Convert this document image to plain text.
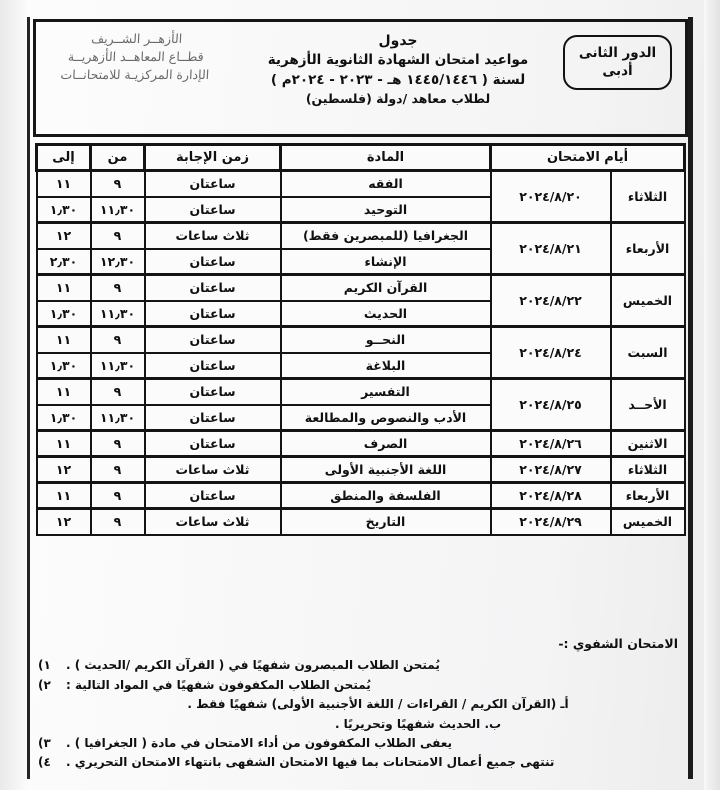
الأزهــر الشــريف
قطــاع المعاهــد الأزهريــة
الإدارة المركزيـة للامتحانــات
جدول
مواعيد امتحان الشهادة الثانوية الأزهرية
لسنة ( ١٤٤٥/١٤٤٦ هـ - ٢٠٢٣ - ٢٠٢٤م )
لطلاب معاهد /دولة (فلسطين)
الدور الثانى
أدبى
أيام الامتحان		المادة	زمن الإجابة	من	إلى
الثلاثاء	٢٠٢٤/٨/٢٠	الفقه	ساعتان	٩	١١
		التوحيد	ساعتان	١١٫٣٠	١٫٣٠
الأربعاء	٢٠٢٤/٨/٢١	الجغرافيا (للمبصرين فقط)	ثلاث ساعات	٩	١٢
		الإنشاء	ساعتان	١٢٫٣٠	٢٫٣٠
الخميس	٢٠٢٤/٨/٢٢	القرآن الكريم	ساعتان	٩	١١
		الحديث	ساعتان	١١٫٣٠	١٫٣٠
السبت	٢٠٢٤/٨/٢٤	النحــو	ساعتان	٩	١١
		البلاغة	ساعتان	١١٫٣٠	١٫٣٠
الأحــد	٢٠٢٤/٨/٢٥	التفسير	ساعتان	٩	١١
		الأدب والنصوص والمطالعة	ساعتان	١١٫٣٠	١٫٣٠
الاثنين	٢٠٢٤/٨/٢٦	الصرف	ساعتان	٩	١١
الثلاثاء	٢٠٢٤/٨/٢٧	اللغة الأجنبية الأولى	ثلاث ساعات	٩	١٢
الأربعاء	٢٠٢٤/٨/٢٨	الفلسفة والمنطق	ساعتان	٩	١١
الخميس	٢٠٢٤/٨/٢٩	التاريخ	ثلاث ساعات	٩	١٢
الامتحان الشفوي :-
يُمتحن الطلاب المبصرون شفهيًا في ( القرآن الكريم /الحديث ) .
١)
يُمتحن الطلاب المكفوفون شفهيًا في المواد التالية :
٢)
أـ (القرآن الكريم / القراءات / اللغة الأجنبية الأولى) شفهيًا فقط .
ب. الحديث شفهيًا وتحريريًا .
يعفى الطلاب المكفوفون من أداء الامتحان في مادة ( الجغرافيا ) .
٣)
تنتهى جميع أعمال الامتحانات بما فيها الامتحان الشفهى بانتهاء الامتحان التحريري .
٤)
